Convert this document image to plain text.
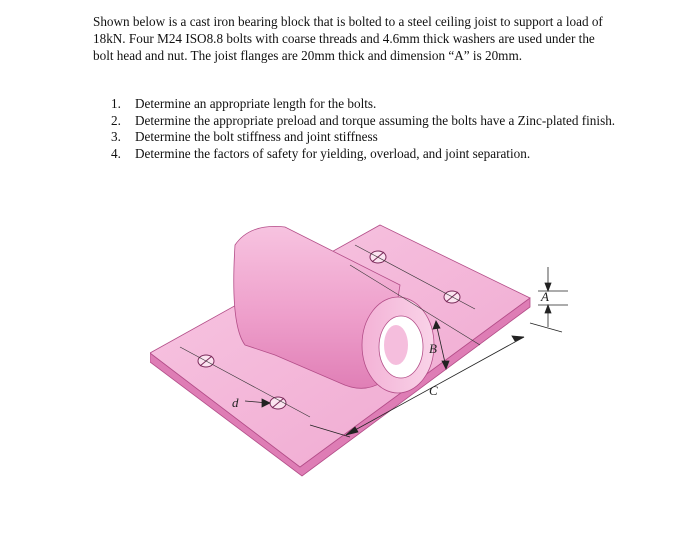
Shown below is a cast iron bearing block that is bolted to a steel ceiling joist to support a load of 18kN. Four M24 ISO8.8 bolts with coarse threads and 4.6mm thick washers are used under the bolt head and nut. The joist flanges are 20mm thick and dimension “A” is 20mm.

1. Determine an appropriate length for the bolts.
2. Determine the appropriate preload and torque assuming the bolts have a Zinc-plated finish.
3. Determine the bolt stiffness and joint stiffness
4. Determine the factors of safety for yielding, overload, and joint separation.
A
B
C
d
